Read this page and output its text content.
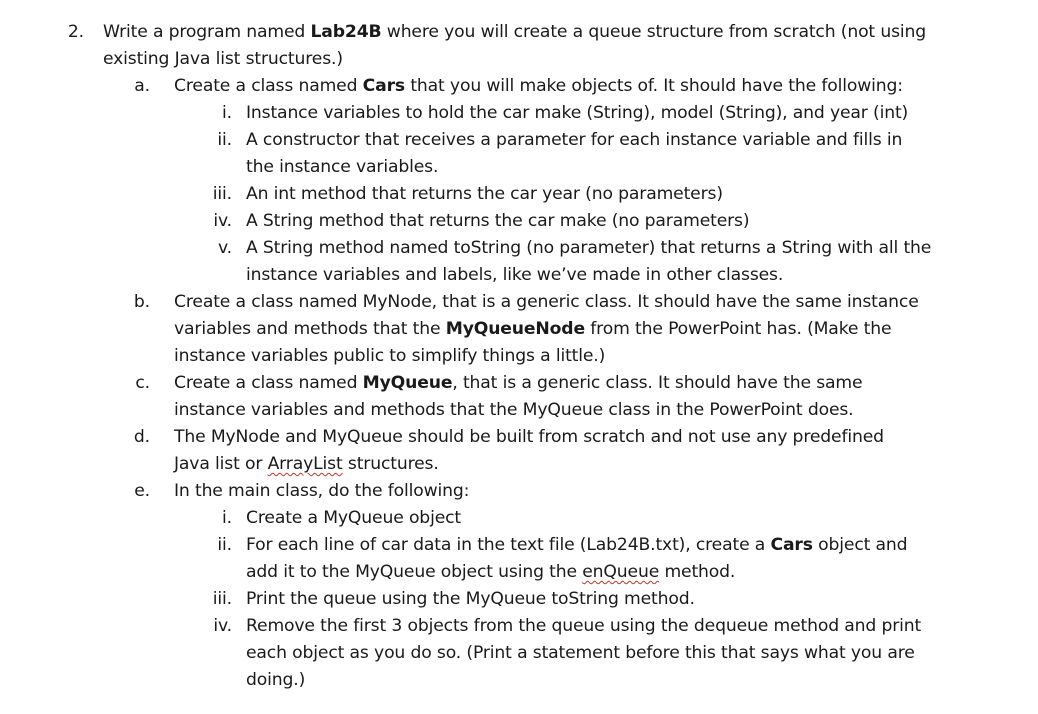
2. Write a program named Lab24B where you will create a queue structure from scratch (not using
existing Java list structures.)
a. Create a class named Cars that you will make objects of. It should have the following:
i. Instance variables to hold the car make (String), model (String), and year (int)
ii. A constructor that receives a parameter for each instance variable and fills in
the instance variables.
iii. An int method that returns the car year (no parameters)
iv. A String method that returns the car make (no parameters)
v. A String method named toString (no parameter) that returns a String with all the
instance variables and labels, like we’ve made in other classes.
b. Create a class named MyNode, that is a generic class. It should have the same instance
variables and methods that the MyQueueNode from the PowerPoint has. (Make the
instance variables public to simplify things a little.)
c. Create a class named MyQueue, that is a generic class. It should have the same
instance variables and methods that the MyQueue class in the PowerPoint does.
d. The MyNode and MyQueue should be built from scratch and not use any predefined
Java list or ArrayList structures.
e. In the main class, do the following:
i. Create a MyQueue object
ii. For each line of car data in the text file (Lab24B.txt), create a Cars object and
add it to the MyQueue object using the enQueue method.
iii. Print the queue using the MyQueue toString method.
iv. Remove the first 3 objects from the queue using the dequeue method and print
each object as you do so. (Print a statement before this that says what you are
doing.)
